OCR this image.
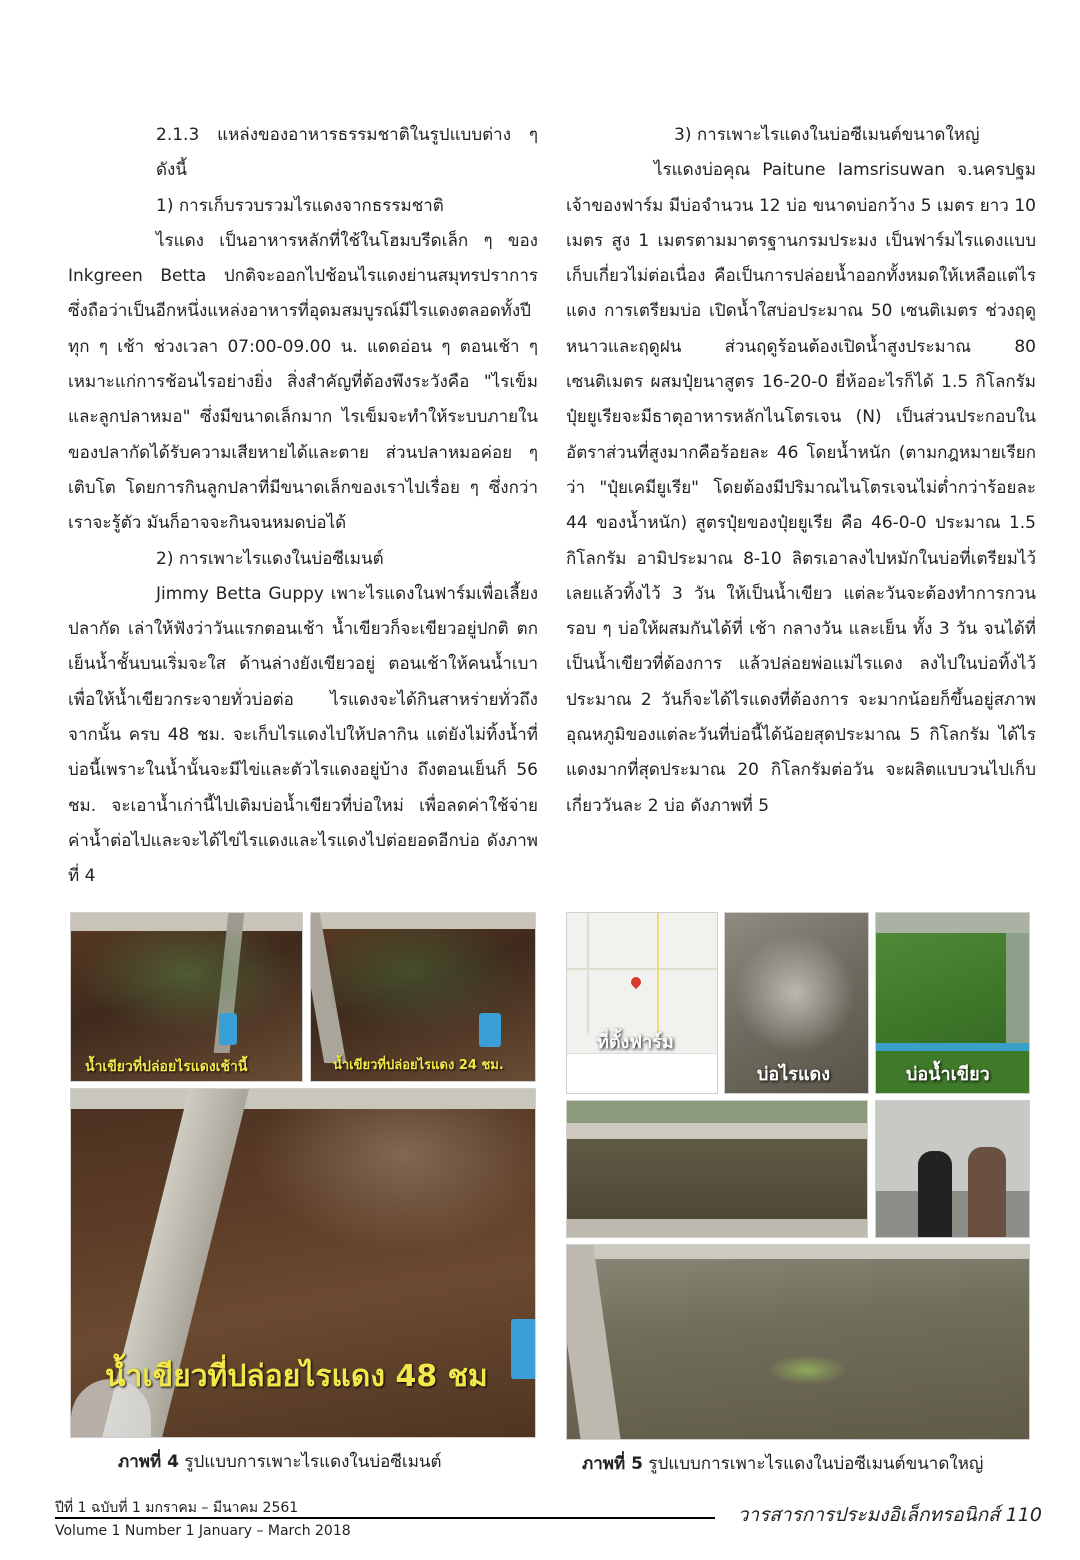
2.1.3 แหล่งของอาหารธรรมชาติในรูปแบบต่าง ๆ ดังนี้

1) การเก็บรวบรวมไรแดงจากธรรมชาติ

ไรแดง เป็นอาหารหลักที่ใช้ในโฮมบรีดเล็ก ๆ ของ Inkgreen Betta ปกติจะออกไปช้อนไรแดงย่านสมุทรปราการ ซึ่งถือว่าเป็นอีกหนึ่งแหล่งอาหารที่อุดมสมบูรณ์มีไรแดงตลอดทั้งปี ทุก ๆ เช้า ช่วงเวลา 07:00-09.00 น. แดดอ่อน ๆ ตอนเช้า ๆ เหมาะแก่การช้อนไรอย่างยิ่ง สิ่งสำคัญที่ต้องพึงระวังคือ "ไรเข็ม และลูกปลาหมอ" ซึ่งมีขนาดเล็กมาก ไรเข็มจะทำให้ระบบภายในของปลากัดได้รับความเสียหายได้และตาย ส่วนปลาหมอค่อย ๆ เติบโต โดยการกินลูกปลาที่มีขนาดเล็กของเราไปเรื่อย ๆ ซึ่งกว่าเราจะรู้ตัว มันก็อาจจะกินจนหมดบ่อได้

2) การเพาะไรแดงในบ่อซีเมนต์

Jimmy Betta Guppy เพาะไรแดงในฟาร์มเพื่อเลี้ยงปลากัด เล่าให้ฟังว่าวันแรกตอนเช้า น้ำเขียวก็จะเขียวอยู่ปกติ ตกเย็นน้ำชั้นบนเริ่มจะใส ด้านล่างยังเขียวอยู่ ตอนเช้าให้คนน้ำเบาเพื่อให้น้ำเขียวกระจายทั่วบ่อต่อ ไรแดงจะได้กินสาหร่ายทั่วถึง จากนั้น ครบ 48 ชม. จะเก็บไรแดงไปให้ปลากิน แต่ยังไม่ทิ้งน้ำที่บ่อนี้เพราะในน้ำนั้นจะมีไข่และตัวไรแดงอยู่บ้าง ถึงตอนเย็นก็ 56 ชม. จะเอาน้ำเก่านี้ไปเติมบ่อน้ำเขียวที่บ่อใหม่ เพื่อลดค่าใช้จ่ายค่าน้ำต่อไปและจะได้ไข่ไรแดงและไรแดงไปต่อยอดอีกบ่อ ดังภาพที่ 4

3) การเพาะไรแดงในบ่อซีเมนต์ขนาดใหญ่

ไรแดงบ่อคุณ Paitune Iamsrisuwan จ.นครปฐม เจ้าของฟาร์ม มีบ่อจำนวน 12 บ่อ ขนาดบ่อกว้าง 5 เมตร ยาว 10 เมตร สูง 1 เมตรตามมาตรฐานกรมประมง เป็นฟาร์มไรแดงแบบเก็บเกี่ยวไม่ต่อเนื่อง คือเป็นการปล่อยน้ำออกทั้งหมดให้เหลือแต่ไรแดง การเตรียมบ่อ เปิดน้ำใสบ่อประมาณ 50 เซนติเมตร ช่วงฤดูหนาวและฤดูฝน ส่วนฤดูร้อนต้องเปิดน้ำสูงประมาณ 80 เซนติเมตร ผสมปุ๋ยนาสูตร 16-20-0 ยี่ห้ออะไรก็ได้ 1.5 กิโลกรัม ปุ๋ยยูเรียจะมีธาตุอาหารหลักไนโตรเจน (N) เป็นส่วนประกอบในอัตราส่วนที่สูงมากคือร้อยละ 46 โดยน้ำหนัก (ตามกฎหมายเรียกว่า "ปุ๋ยเคมียูเรีย" โดยต้องมีปริมาณไนโตรเจนไม่ต่ำกว่าร้อยละ 44 ของน้ำหนัก) สูตรปุ๋ยของปุ๋ยยูเรีย คือ 46-0-0 ประมาณ 1.5 กิโลกรัม อามิประมาณ 8-10 ลิตรเอาลงไปหมักในบ่อที่เตรียมไว้เลยแล้วทิ้งไว้ 3 วัน ให้เป็นน้ำเขียว แต่ละวันจะต้องทำการกวนรอบ ๆ บ่อให้ผสมกันได้ที่ เช้า กลางวัน และเย็น ทั้ง 3 วัน จนได้ที่เป็นน้ำเขียวที่ต้องการ แล้วปล่อยพ่อแม่ไรแดง ลงไปในบ่อทิ้งไว้ประมาณ 2 วันก็จะได้ไรแดงที่ต้องการ จะมากน้อยก็ขึ้นอยู่สภาพอุณหภูมิของแต่ละวันที่บ่อนี้ได้น้อยสุดประมาณ 5 กิโลกรัม ได้ไรแดงมากที่สุดประมาณ 20 กิโลกรัมต่อวัน จะผลิตแบบวนไปเก็บเกี่ยววันละ 2 บ่อ ดังภาพที่ 5

น้ำเขียวที่ปล่อยไรแดงเช้านี้	น้ำเขียวที่ปล่อยไรแดง 24 ชม.
น้ำเขียวที่ปล่อยไรแดง 48 ชม
ภาพที่ 4 รูปแบบการเพาะไรแดงในบ่อซีเมนต์
ที่ตั้งฟาร์ม
บ่อไรแดง	บ่อน้ำเขียว
ภาพที่ 5 รูปแบบการเพาะไรแดงในบ่อซีเมนต์ขนาดใหญ่
ปีที่ 1 ฉบับที่ 1 มกราคม – มีนาคม 2561
Volume 1 Number 1 January – March 2018
วารสารการประมงอิเล็กทรอนิกส์ 110
